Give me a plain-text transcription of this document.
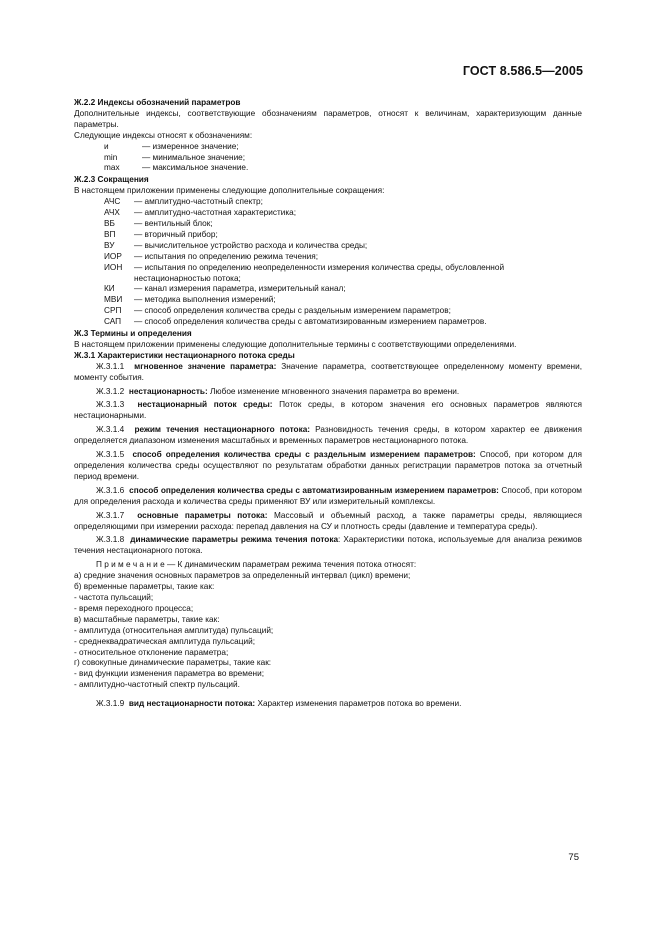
ГОСТ 8.586.5—2005

Ж.2.2 Индексы обозначений параметров

Дополнительные индексы, соответствующие обозначениям параметров, относят к величинам, характеризующим данные параметры.

Следующие индексы относят к обозначениям:

и	— измеренное значение;
min	— минимальное значение;
max	— максимальное значение.

Ж.2.3 Сокращения

В настоящем приложении применены следующие дополнительные сокращения:

АЧС	— амплитудно-частотный спектр;
АЧХ	— амплитудно-частотная характеристика;
ВБ	— вентильный блок;
ВП	— вторичный прибор;
ВУ	— вычислительное устройство расхода и количества среды;
ИОР	— испытания по определению режима течения;
ИОН	— испытания по определению неопределенности измерения количества среды, обусловленной нестационарностью потока;
КИ	— канал измерения параметра, измерительный канал;
МВИ	— методика выполнения измерений;
СРП	— способ определения количества среды с раздельным измерением параметров;
САП	— способ определения количества среды с автоматизированным измерением параметров.

Ж.3 Термины и определения

В настоящем приложении применены следующие дополнительные термины с соответствующими определениями.

Ж.3.1 Характеристики нестационарного потока среды

Ж.3.1.1 мгновенное значение параметра: Значение параметра, соответствующее определенному моменту времени, моменту события.

Ж.3.1.2 нестационарность: Любое изменение мгновенного значения параметра во времени.

Ж.3.1.3 нестационарный поток среды: Поток среды, в котором значения его основных параметров являются нестационарными.

Ж.3.1.4 режим течения нестационарного потока: Разновидность течения среды, в котором характер ее движения определяется диапазоном изменения масштабных и временных параметров нестационарного потока.

Ж.3.1.5 способ определения количества среды с раздельным измерением параметров: Способ, при котором для определения количества среды осуществляют по результатам обработки данных регистрации параметров потока за отчетный период времени.

Ж.3.1.6 способ определения количества среды с автоматизированным измерением параметров: Способ, при котором для определения расхода и количества среды применяют ВУ или измерительный комплексы.

Ж.3.1.7 основные параметры потока: Массовый и объемный расход, а также параметры среды, являющиеся определяющими при измерении расхода: перепад давления на СУ и плотность среды (давление и температура среды).

Ж.3.1.8 динамические параметры режима течения потока: Характеристики потока, используемые для анализа режимов течения нестационарного потока.

П р и м е ч а н и е — К динамическим параметрам режима течения потока относят:

а) средние значения основных параметров за определенный интервал (цикл) времени;

б) временные параметры, такие как:

- частота пульсаций;

- время переходного процесса;

в) масштабные параметры, такие как:

- амплитуда (относительная амплитуда) пульсаций;

- среднеквадратическая амплитуда пульсаций;

- относительное отклонение параметра;

г) совокупные динамические параметры, такие как:

- вид функции изменения параметра во времени;

- амплитудно-частотный спектр пульсаций.

Ж.3.1.9 вид нестационарности потока: Характер изменения параметров потока во времени.

75
